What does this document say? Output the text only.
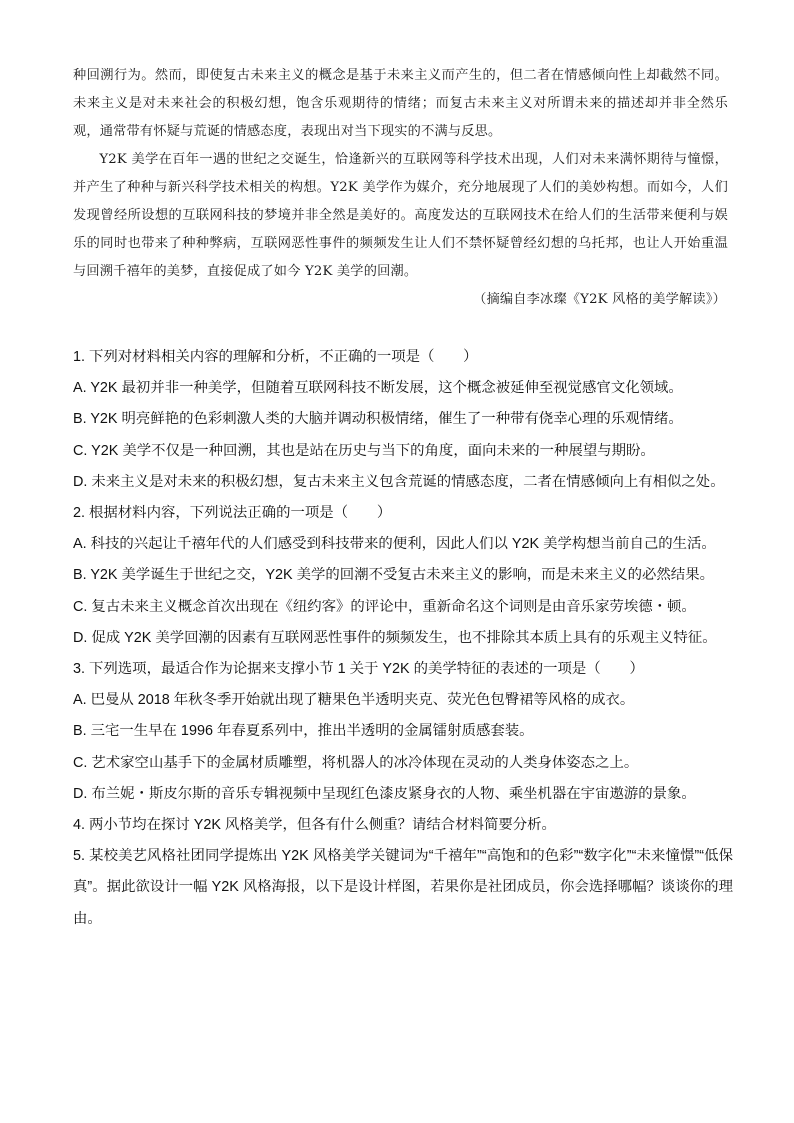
种回溯行为。然而，即使复古未来主义的概念是基于未来主义而产生的，但二者在情感倾向性上却截然不同。未来主义是对未来社会的积极幻想，饱含乐观期待的情绪；而复古未来主义对所谓未来的描述却并非全然乐观，通常带有怀疑与荒诞的情感态度，表现出对当下现实的不满与反思。

Y2K 美学在百年一遇的世纪之交诞生，恰逢新兴的互联网等科学技术出现，人们对未来满怀期待与憧憬，并产生了种种与新兴科学技术相关的构想。Y2K 美学作为媒介，充分地展现了人们的美妙构想。而如今，人们发现曾经所设想的互联网科技的梦境并非全然是美好的。高度发达的互联网技术在给人们的生活带来便利与娱乐的同时也带来了种种弊病，互联网恶性事件的频频发生让人们不禁怀疑曾经幻想的乌托邦，也让人开始重温与回溯千禧年的美梦，直接促成了如今 Y2K 美学的回潮。

（摘编自李冰璨《Y2K 风格的美学解读》）

1. 下列对材料相关内容的理解和分析，不正确的一项是（　　）
A. Y2K 最初并非一种美学，但随着互联网科技不断发展，这个概念被延伸至视觉感官文化领域。
B. Y2K 明亮鲜艳的色彩刺激人类的大脑并调动积极情绪，催生了一种带有侥幸心理的乐观情绪。
C. Y2K 美学不仅是一种回溯，其也是站在历史与当下的角度，面向未来的一种展望与期盼。
D. 未来主义是对未来的积极幻想，复古未来主义包含荒诞的情感态度，二者在情感倾向上有相似之处。
2. 根据材料内容，下列说法正确的一项是（　　）
A. 科技的兴起让千禧年代的人们感受到科技带来的便利，因此人们以 Y2K 美学构想当前自己的生活。
B. Y2K 美学诞生于世纪之交，Y2K 美学的回潮不受复古未来主义的影响，而是未来主义的必然结果。
C. 复古未来主义概念首次出现在《纽约客》的评论中，重新命名这个词则是由音乐家劳埃德・顿。
D. 促成 Y2K 美学回潮的因素有互联网恶性事件的频频发生，也不排除其本质上具有的乐观主义特征。
3. 下列选项，最适合作为论据来支撑小节 1 关于 Y2K 的美学特征的表述的一项是（　　）
A. 巴曼从 2018 年秋冬季开始就出现了糖果色半透明夹克、荧光色包臀裙等风格的成衣。
B. 三宅一生早在 1996 年春夏系列中，推出半透明的金属镭射质感套装。
C. 艺术家空山基手下的金属材质雕塑，将机器人的冰冷体现在灵动的人类身体姿态之上。
D. 布兰妮・斯皮尔斯的音乐专辑视频中呈现红色漆皮紧身衣的人物、乘坐机器在宇宙遨游的景象。
4. 两小节均在探讨 Y2K 风格美学，但各有什么侧重？请结合材料简要分析。
5. 某校美艺风格社团同学提炼出 Y2K 风格美学关键词为“千禧年”“高饱和的色彩”“数字化”“未来憧憬”“低保真”。据此欲设计一幅 Y2K 风格海报，以下是设计样图，若果你是社团成员，你会选择哪幅？谈谈你的理由。
